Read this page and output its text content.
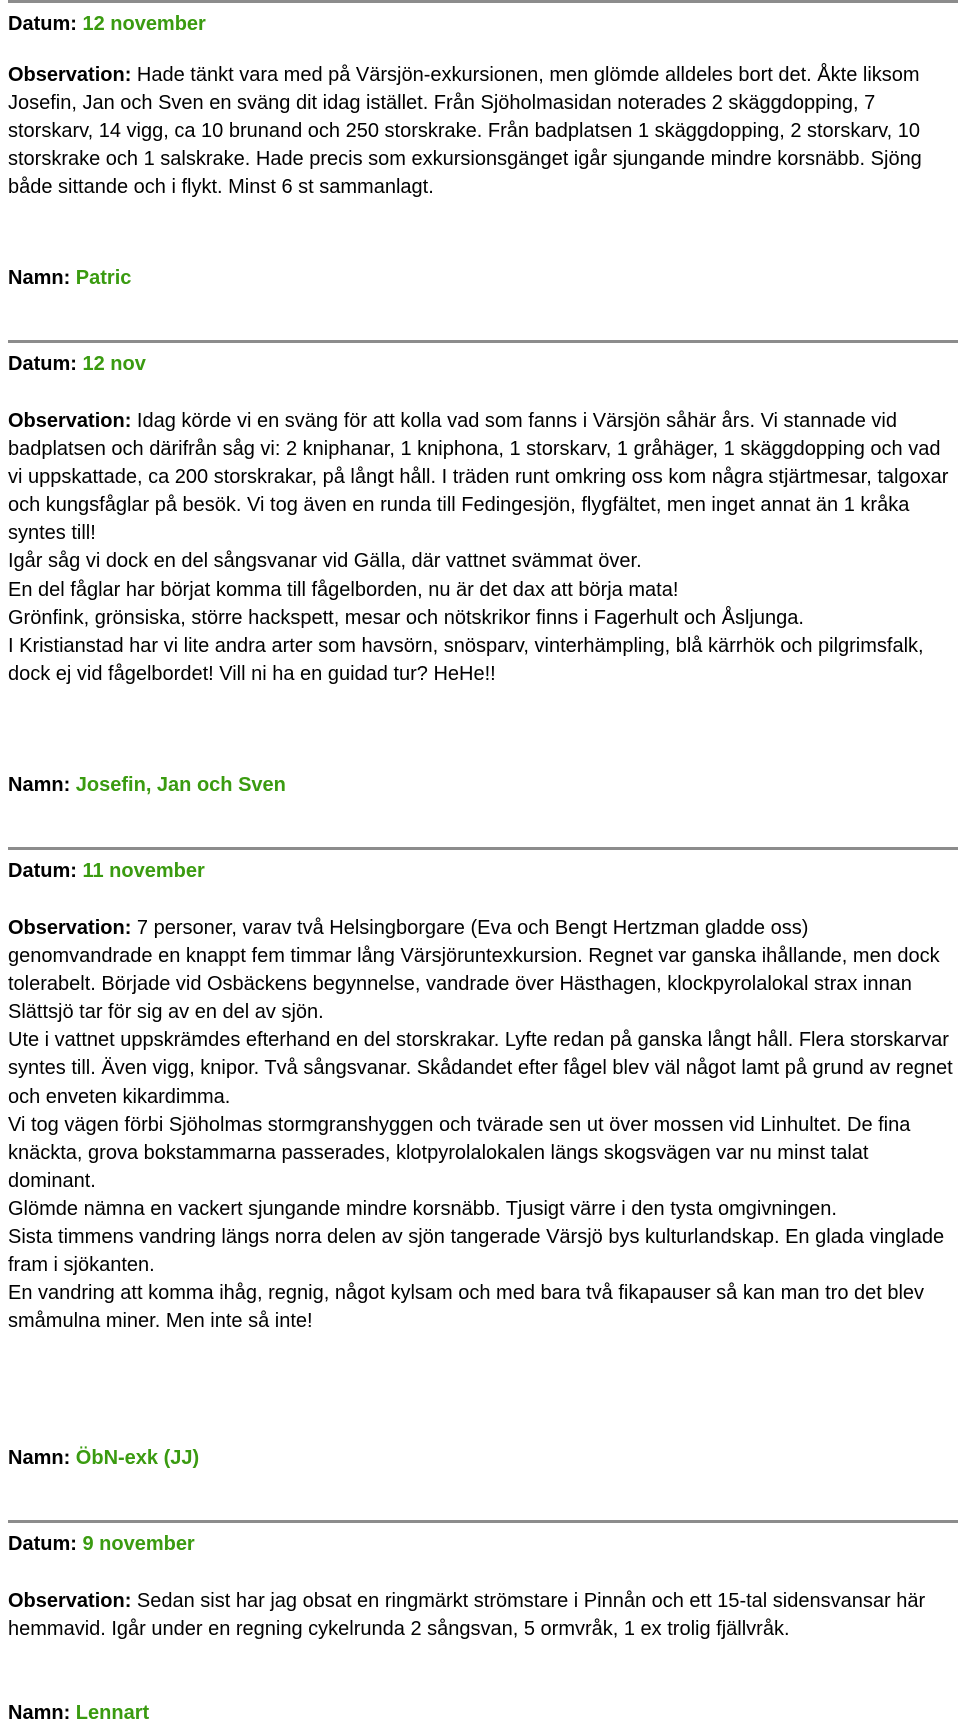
Datum: 12 november

Observation: Hade tänkt vara med på Värsjön-exkursionen, men glömde alldeles bort det. Åkte liksom Josefin, Jan och Sven en sväng dit idag istället. Från Sjöholmasidan noterades 2 skäggdopping, 7 storskarv, 14 vigg, ca 10 brunand och 250 storskrake. Från badplatsen 1 skäggdopping, 2 storskarv, 10 storskrake och 1 salskrake. Hade precis som exkursionsgänget igår sjungande mindre korsnäbb. Sjöng både sittande och i flykt. Minst 6 st sammanlagt.

Namn: Patric
Datum: 12 nov

Observation: Idag körde vi en sväng för att kolla vad som fanns i Värsjön såhär års. Vi stannade vid badplatsen och därifrån såg vi: 2 kniphanar, 1 kniphona, 1 storskarv, 1 gråhäger, 1 skäggdopping och vad vi uppskattade, ca 200 storskrakar, på långt håll. I träden runt omkring oss kom några stjärtmesar, talgoxar och kungsfåglar på besök. Vi tog även en runda till Fedingesjön, flygfältet, men inget annat än 1 kråka syntes till!

Igår såg vi dock en del sångsvanar vid Gälla, där vattnet svämmat över.

En del fåglar har börjat komma till fågelborden, nu är det dax att börja mata!

Grönfink, grönsiska, större hackspett, mesar och nötskrikor finns i Fagerhult och Åsljunga.

I Kristianstad har vi lite andra arter som havsörn, snösparv, vinterhämpling, blå kärrhök och pilgrimsfalk, dock ej vid fågelbordet! Vill ni ha en guidad tur? HeHe!!

Namn: Josefin, Jan och Sven
Datum: 11 november

Observation: 7 personer, varav två Helsingborgare (Eva och Bengt Hertzman gladde oss) genomvandrade en knappt fem timmar lång Värsjöruntexkursion. Regnet var ganska ihållande, men dock tolerabelt. Började vid Osbäckens begynnelse, vandrade över Hästhagen, klockpyrolalokal strax innan Slättsjö tar för sig av en del av sjön.

Ute i vattnet uppskrämdes efterhand en del storskrakar. Lyfte redan på ganska långt håll. Flera storskarvar syntes till. Även vigg, knipor. Två sångsvanar. Skådandet efter fågel blev väl något lamt på grund av regnet och enveten kikardimma.

Vi tog vägen förbi Sjöholmas stormgranshyggen och tvärade sen ut över mossen vid Linhultet. De fina knäckta, grova bokstammarna passerades, klotpyrolalokalen längs skogsvägen var nu minst talat dominant.

Glömde nämna en vackert sjungande mindre korsnäbb. Tjusigt värre i den tysta omgivningen.

Sista timmens vandring längs norra delen av sjön tangerade Värsjö bys kulturlandskap. En glada vinglade fram i sjökanten.

En vandring att komma ihåg, regnig, något kylsam och med bara två fikapauser så kan man tro det blev småmulna miner. Men inte så inte!

Namn: ÖbN-exk (JJ)
Datum: 9 november

Observation: Sedan sist har jag obsat en ringmärkt strömstare i Pinnån och ett 15-tal sidensvansar här hemmavid. Igår under en regning cykelrunda 2 sångsvan, 5 ormvråk, 1 ex trolig fjällvråk.

Namn: Lennart
